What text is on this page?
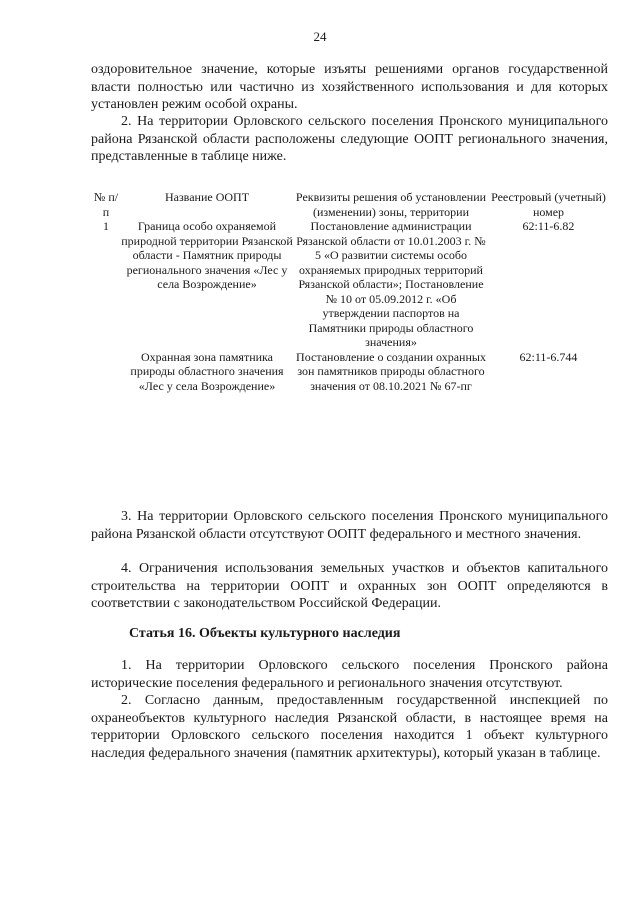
24
оздоровительное значение, которые изъяты решениями органов государственной власти полностью или частично из хозяйственного использования и для которых установлен режим особой охраны.
2. На территории Орловского сельского поселения Пронского муниципального района Рязанской области расположены следующие ООПТ регионального значения, представленные в таблице ниже.
№ п/п	Название ООПТ	Реквизиты решения об установлении (изменении) зоны, территории	Реестровый (учетный) номер
1	Граница особо охраняемой природной территории Рязанской области - Памятник природы регионального значения «Лес у села Возрождение»	Постановление администрации Рязанской области от 10.01.2003 г. № 5 «О развитии системы особо охраняемых природных территорий Рязанской области»; Постановление № 10 от 05.09.2012 г. «Об утверждении паспортов на Памятники природы областного значения»	62:11-6.82
	Охранная зона памятника природы областного значения «Лес у села Возрождение»	Постановление о создании охранных зон памятников природы областного значения от 08.10.2021 № 67-пг	62:11-6.744
3. На территории Орловского сельского поселения Пронского муниципального района Рязанской области отсутствуют ООПТ федерального и местного значения.
4. Ограничения использования земельных участков и объектов капитального строительства на территории ООПТ и охранных зон ООПТ определяются в соответствии с законодательством Российской Федерации.
Статья 16. Объекты культурного наследия
1. На территории Орловского сельского поселения Пронского района исторические поселения федерального и регионального значения отсутствуют.
2. Согласно данным, предоставленным государственной инспекцией по охранеобъектов культурного наследия Рязанской области, в настоящее время на территории Орловского сельского поселения находится 1 объект культурного наследия федерального значения (памятник архитектуры), который указан в таблице.
